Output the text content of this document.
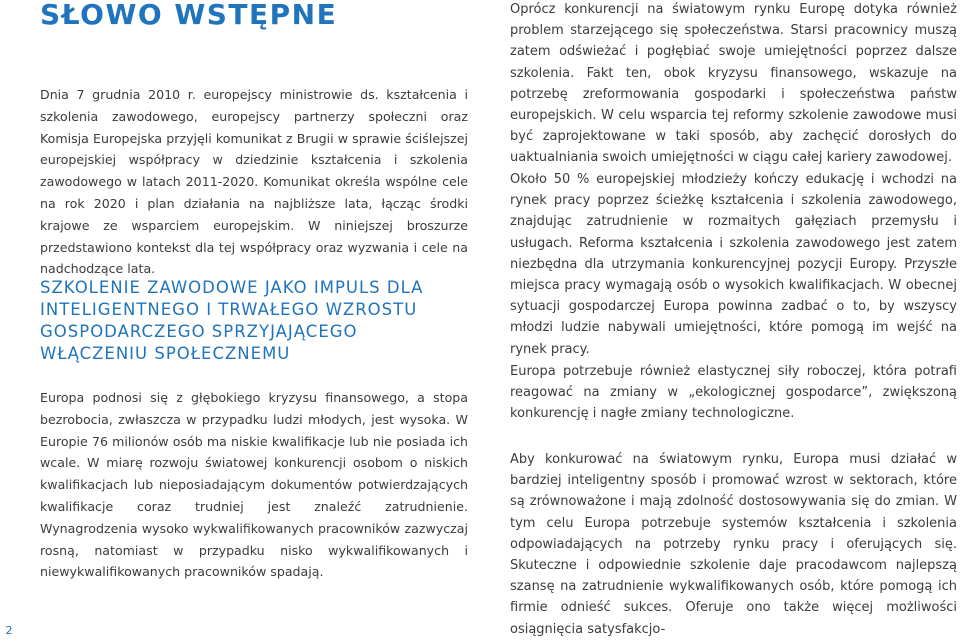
SŁOWO WSTĘPNE

Dnia 7 grudnia 2010 r. europejscy ministrowie ds. kształcenia i szkolenia zawodowego, europejscy partnerzy społeczni oraz Komisja Europejska przyjęli komunikat z Brugii w sprawie ściślejszej europejskiej współpracy w dziedzinie kształcenia i szkolenia zawodowego w latach 2011-2020. Komunikat określa wspólne cele na rok 2020 i plan działania na najbliższe lata, łącząc środki krajowe ze wsparciem europejskim. W niniejszej broszurze przedstawiono kontekst dla tej współpracy oraz wyzwania i cele na nadchodzące lata.

SZKOLENIE ZAWODOWE JAKO IMPULS DLA INTELIGENTNEGO I TRWAŁEGO WZROSTU GOSPODARCZEGO SPRZYJAJĄCEGO WŁĄCZENIU SPOŁECZNEMU

Europa podnosi się z głębokiego kryzysu finansowego, a stopa bezrobocia, zwłaszcza w przypadku ludzi młodych, jest wysoka. W Europie 76 milionów osób ma niskie kwalifikacje lub nie posiada ich wcale. W miarę rozwoju światowej konkurencji osobom o niskich kwalifikacjach lub nieposiadającym dokumentów potwierdzających kwalifikacje coraz trudniej jest znaleźć zatrudnienie. Wynagrodzenia wysoko wykwalifikowanych pracowników zazwyczaj rosną, natomiast w przypadku nisko wykwalifikowanych i niewykwalifikowanych pracowników spadają.

Oprócz konkurencji na światowym rynku Europę dotyka również problem starzejącego się społeczeństwa. Starsi pracownicy muszą zatem odświeżać i pogłębiać swoje umiejętności poprzez dalsze szkolenia. Fakt ten, obok kryzysu finansowego, wskazuje na potrzebę zreformowania gospodarki i społeczeństwa państw europejskich. W celu wsparcia tej reformy szkolenie zawodowe musi być zaprojektowane w taki sposób, aby zachęcić dorosłych do uaktualniania swoich umiejętności w ciągu całej kariery zawodowej.

Około 50 % europejskiej młodzieży kończy edukację i wchodzi na rynek pracy poprzez ścieżkę kształcenia i szkolenia zawodowego, znajdując zatrudnienie w rozmaitych gałęziach przemysłu i usługach. Reforma kształcenia i szkolenia zawodowego jest zatem niezbędna dla utrzymania konkurencyjnej pozycji Europy. Przyszłe miejsca pracy wymagają osób o wysokich kwalifikacjach. W obecnej sytuacji gospodarczej Europa powinna zadbać o to, by wszyscy młodzi ludzie nabywali umiejętności, które pomogą im wejść na rynek pracy.

Europa potrzebuje również elastycznej siły roboczej, która potrafi reagować na zmiany w „ekologicznej gospodarce”, zwiększoną konkurencję i nagłe zmiany technologiczne.

Aby konkurować na światowym rynku, Europa musi działać w bardziej inteligentny sposób i promować wzrost w sektorach, które są zrównoważone i mają zdolność dostosowywania się do zmian. W tym celu Europa potrzebuje systemów kształcenia i szkolenia odpowiadających na potrzeby rynku pracy i oferujących się. Skuteczne i odpowiednie szkolenie daje pracodawcom najlepszą szansę na zatrudnienie wykwalifikowanych osób, które pomogą ich firmie odnieść sukces. Oferuje ono także więcej możliwości osiągnięcia satysfakcjo-

2
